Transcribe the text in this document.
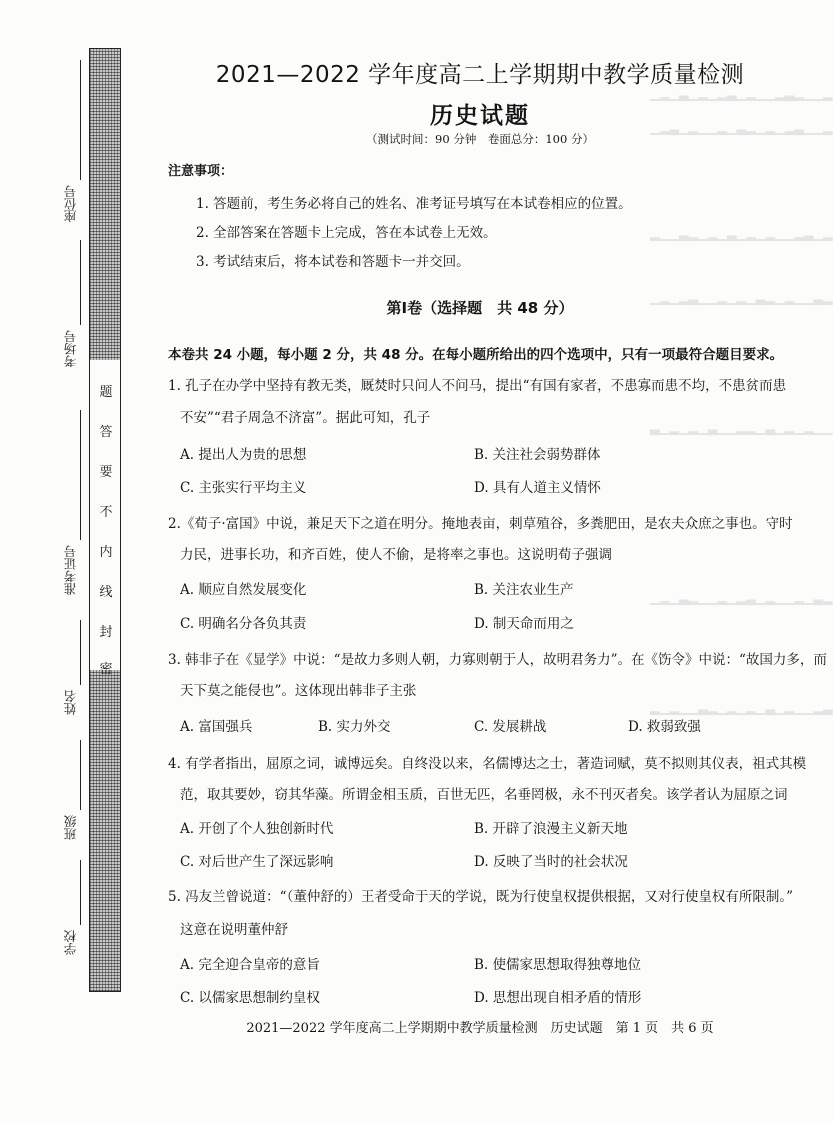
题
答
要
不
内
线
封
密
座位号
考场号
准考证号
姓名
班级
学校
▁▂▁▃▁▂▁▂▃▁▂▁▁▂▃▂▁▁▂
▁▂▃▁▂▁▁▂▁▃▂▁▂▁▂▃▁▁▂
▂▁▁▃▂▁▂▁▃▁▂▁▂▁▁▂▃▁▂
▁▂▁▂▃▁▁▂▁▂▁▃▂▁▂▁▁▃▂
▃▁▂▁▂▁▃▁▁▂▂▁▃▁▂▁▂▁▁
▁▂▁▃▂▁▁▂▁▂▃▁▂▁▁▂▁▃▂
▂▁▂▁▁▃▂▁▂▁▂▁▃▁▂▁▁▂▃
2021—2022 学年度高二上学期期中教学质量检测
历史试题
（测试时间：90 分钟　卷面总分：100 分）
注意事项：
1. 答题前，考生务必将自己的姓名、准考证号填写在本试卷相应的位置。
2. 全部答案在答题卡上完成，答在本试卷上无效。
3. 考试结束后，将本试卷和答题卡一并交回。
第Ⅰ卷（选择题　共 48 分）
本卷共 24 小题，每小题 2 分，共 48 分。在每小题所给出的四个选项中，只有一项最符合题目要求。
1. 孔子在办学中坚持有教无类，厩焚时只问人不问马，提出“有国有家者，不患寡而患不均，不患贫而患
不安”“君子周急不济富”。据此可知，孔子
A. 提出人为贵的思想	B. 关注社会弱势群体
C. 主张实行平均主义	D. 具有人道主义情怀
2.《荀子·富国》中说，兼足天下之道在明分。掩地表亩，刺草殖谷，多粪肥田，是农夫众庶之事也。守时
力民，进事长功，和齐百姓，使人不偷，是将率之事也。这说明荀子强调
A. 顺应自然发展变化	B. 关注农业生产
C. 明确名分各负其责	D. 制天命而用之
3. 韩非子在《显学》中说：“是故力多则人朝，力寡则朝于人，故明君务力”。在《饬令》中说：“故国力多，而
天下莫之能侵也”。这体现出韩非子主张
A. 富国强兵	B. 实力外交	C. 发展耕战	D. 救弱致强
4. 有学者指出，屈原之词，诚博远矣。自终没以来，名儒博达之士，著造词赋，莫不拟则其仪表，祖式其模
范，取其要妙，窃其华藻。所谓金相玉质，百世无匹，名垂罔极，永不刊灭者矣。该学者认为屈原之词
A. 开创了个人独创新时代	B. 开辟了浪漫主义新天地
C. 对后世产生了深远影响	D. 反映了当时的社会状况
5. 冯友兰曾说道：“（董仲舒的）王者受命于天的学说，既为行使皇权提供根据，又对行使皇权有所限制。”
这意在说明董仲舒
A. 完全迎合皇帝的意旨	B. 使儒家思想取得独尊地位
C. 以儒家思想制约皇权	D. 思想出现自相矛盾的情形
2021—2022 学年度高二上学期期中教学质量检测　历史试题　第 1 页　共 6 页
